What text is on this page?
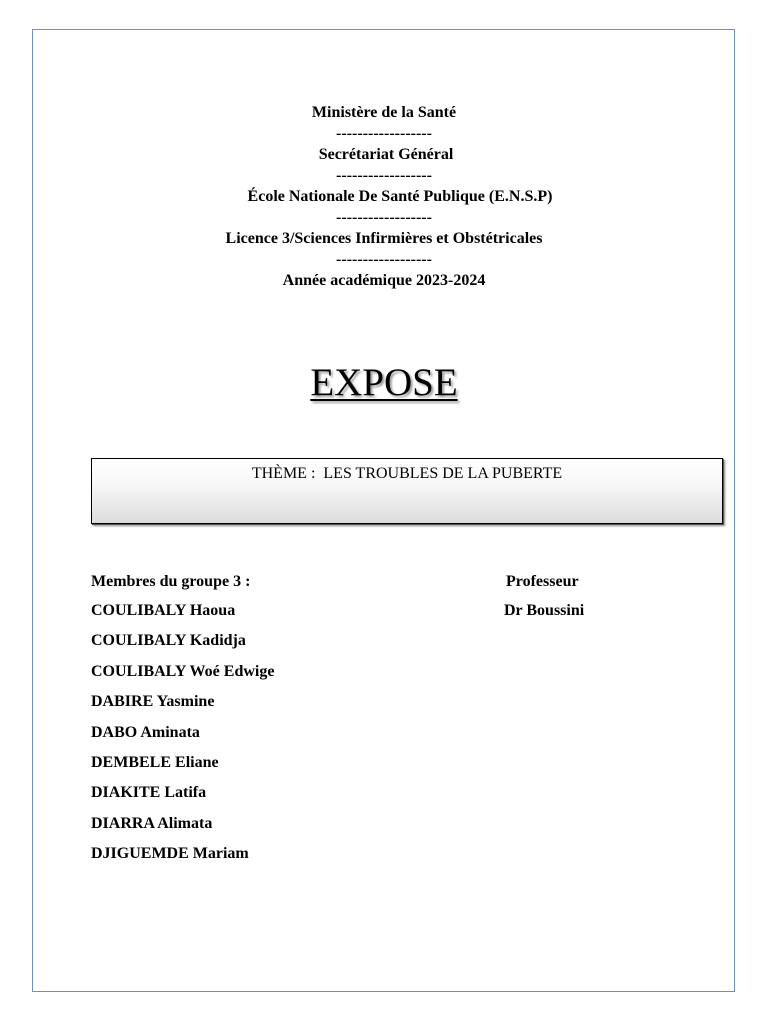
Ministère de la Santé
------------------
Secrétariat Général
------------------
École Nationale De Santé Publique (E.N.S.P)
------------------
Licence 3/Sciences Infirmières et Obstétricales
------------------
Année académique 2023-2024
EXPOSE
THÈME :  LES TROUBLES DE LA PUBERTE
Membres du groupe 3 :
COULIBALY Haoua
COULIBALY Kadidja
COULIBALY Woé Edwige
DABIRE Yasmine
DABO Aminata
DEMBELE Eliane
DIAKITE Latifa
DIARRA Alimata
DJIGUEMDE Mariam
Professeur
Dr Boussini
